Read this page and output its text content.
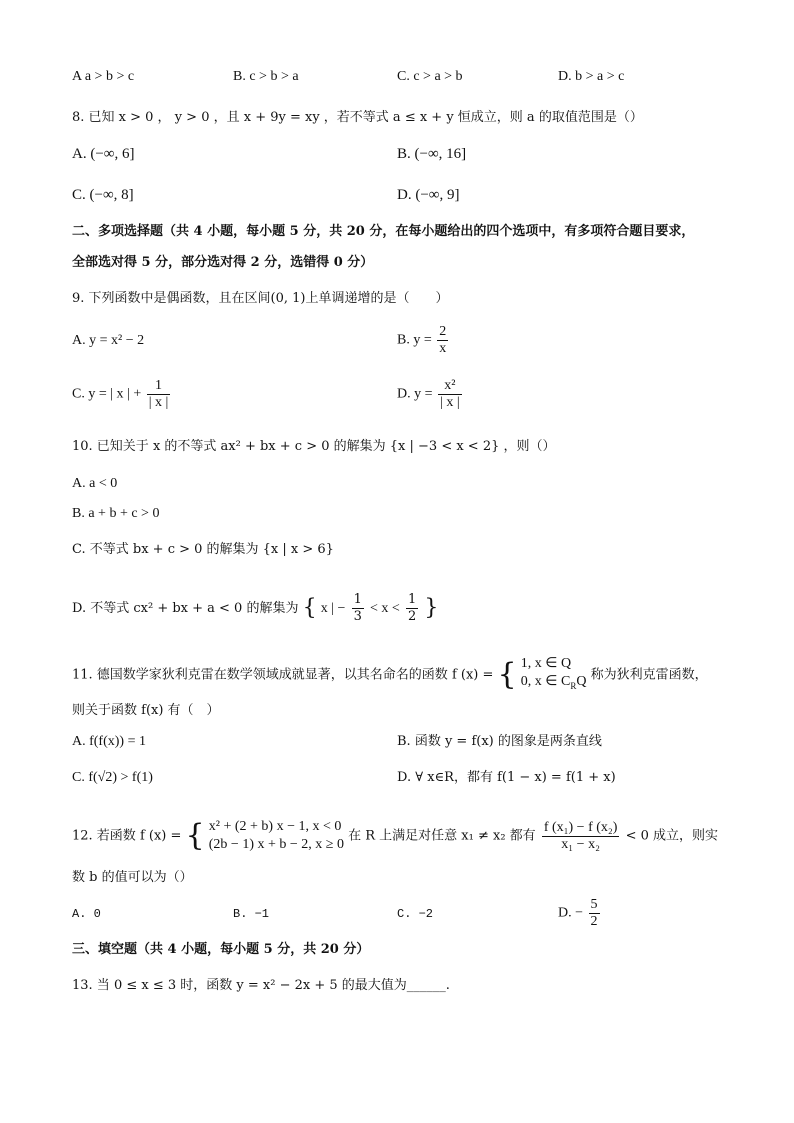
A a > b > c	B. c > b > a	C. c > a > b	D. b > a > c
8. 已知 x > 0 ， y > 0 ，且 x + 9y = xy ，若不等式 a ≤ x + y 恒成立，则 a 的取值范围是（）
A. (−∞, 6]	B. (−∞, 16]
C. (−∞, 8]	D. (−∞, 9]
二、多项选择题（共 4 小题，每小题 5 分，共 20 分，在每小题给出的四个选项中，有多项符合题目要求，
全部选对得 5 分，部分选对得 2 分，选错得 0 分）
9. 下列函数中是偶函数，且在区间(0, 1)上单调递增的是（　　）
A. y = x² − 2	B. $y = \frac{2}{x}$
C. y = | x | + $\frac{1}{| x |}$	D. $y = \frac{\text{x²}}{| x |}$
10. 已知关于 x 的不等式 ax² + bx + c > 0 的解集为 {x | −3 < x < 2} ，则（）
A. a < 0
B. a + b + c > 0
C. 不等式 bx + c > 0 的解集为 {x | x > 6}
D. 不等式 cx² + bx + a < 0 的解集为 { x | − $\frac{1}{3} < x < \frac{1}{2}$ }
11. 德国数学家狄利克雷在数学领域成就显著，以其名命名的函数 f (x) = { 1, x ∈ Q
0, x ∈ $C_RQ$ 称为狄利克雷函数，
则关于函数 f(x) 有（　）
A. f(f(x)) = 1	B. 函数 y = f(x) 的图象是两条直线
C. f(√2) > f(1)	D. ∀ x∈R，都有 f(1 − x) = f(1 + x)
12. 若函数 f (x) = { x² + (2 + b) x − 1, x < 0
(2b − 1) x + b − 2, x ≥ 0
在 R 上满足对任意 x₁ ≠ x₂ 都有 $\frac{\text{f (x₁) − f (x₂)}}{\text{x₁ − x₂}} < 0$ 成立，则实
数 b 的值可以为（）
A. 0	B. −1	C. −2	D. − $\frac{5}{2}$
三、填空题（共 4 小题，每小题 5 分，共 20 分）
13. 当 0 ≤ x ≤ 3 时，函数 y = x² − 2x + 5 的最大值为______.
